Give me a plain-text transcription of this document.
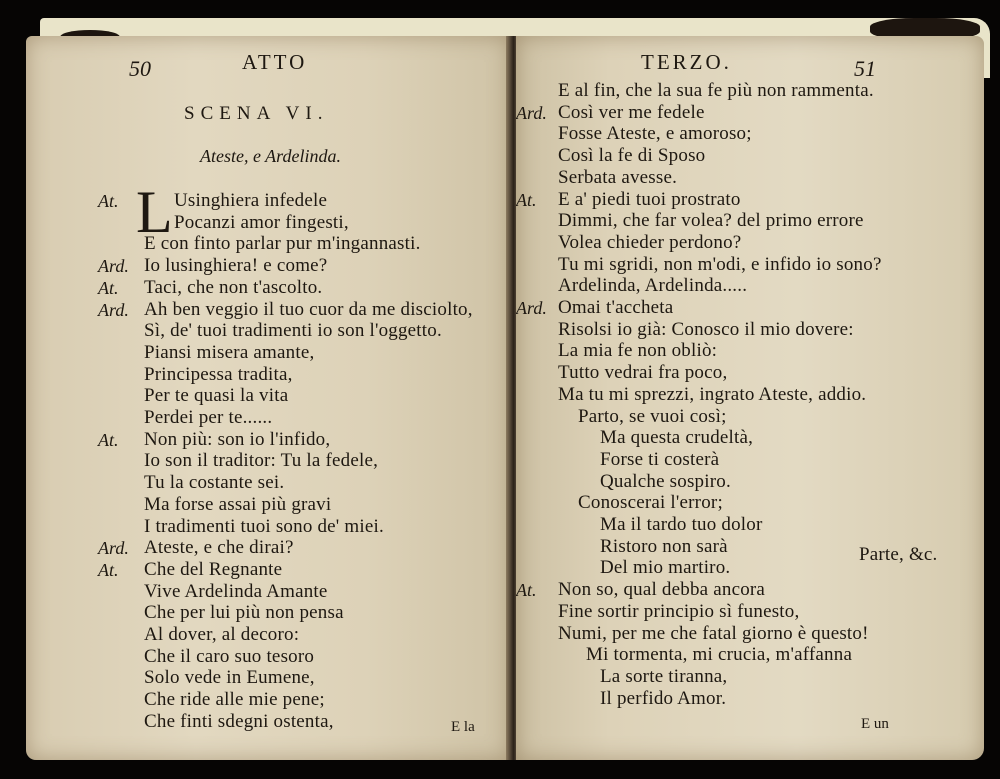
50	ATTO
SCENA VI.
Ateste, e Ardelinda.
L
At.	Usinghiera infedele
Pocanzi amor fingesti,
E con finto parlar pur m'ingannasti.
Ard. Io lusinghiera! e come?
At. Taci, che non t'ascolto.
Ard. Ah ben veggio il tuo cuor da me disciolto,
Sì, de' tuoi tradimenti io son l'oggetto.
Piansi misera amante,
Principessa tradita,
Per te quasi la vita
Perdei per te......
At. Non più: son io l'infido,
Io son il traditor: Tu la fedele,
Tu la costante sei.
Ma forse assai più gravi
I tradimenti tuoi sono de' miei.
Ard. Ateste, e che dirai?
At. Che del Regnante
Vive Ardelinda Amante
Che per lui più non pensa
Al dover, al decoro:
Che il caro suo tesoro
Solo vede in Eumene,
Che ride alle mie pene;
Che finti sdegni ostenta,	E la
TERZO.	51
E al fin, che la sua fe più non rammenta.
Ard. Così ver me fedele
Fosse Ateste, e amoroso;
Così la fe di Sposo
Serbata avesse.
At. E a' piedi tuoi prostrato
Dimmi, che far volea? del primo errore
Volea chieder perdono?
Tu mi sgridi, non m'odi, e infido io sono?
Ardelinda, Ardelinda.....
Ard. Omai t'accheta
Risolsi io già: Conosco il mio dovere:
La mia fe non obliò:
Tutto vedrai fra poco,
Ma tu mi sprezzi, ingrato Ateste, addio.
Parto, se vuoi così;
Ma questa crudeltà,
Forse ti costerà
Qualche sospiro.
Conoscerai l'error;
Ma il tardo tuo dolor
Ristoro non sarà
Del mio martiro.
At. Non so, qual debba ancora
Fine sortir principio sì funesto,
Numi, per me che fatal giorno è questo!
Mi tormenta, mi crucia, m'affanna
La sorte tiranna,
Il perfido Amor.
Parte, &c.
E un
